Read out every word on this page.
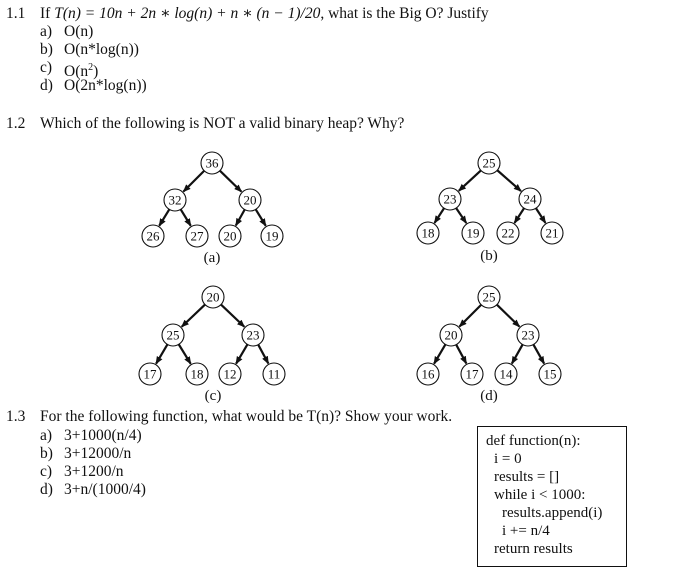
1.1 If T(n) = 10n + 2n ∗ log(n) + n ∗ (n − 1)/20, what is the Big O? Justify
a) O(n)
b) O(n*log(n))
c) $O(n^2)$
d) O(2n*log(n))
1.2 Which of the following is NOT a valid binary heap? Why?
36
32	20
26 27 20 19
(a)
25
23	24
18 19 22 21
(b)
20
25	23
17	18 12 11
(c)
25
20	23
16 17 14 15
(d)
1.3 For the following function, what would be T(n)? Show your work.
a) 3+1000(n/4)
b) 3+12000/n
c) 3+1200/n
d) 3+n/(1000/4)
def function(n):
i = 0
results = []
while i < 1000:
results.append(i)
i += n/4
return results
